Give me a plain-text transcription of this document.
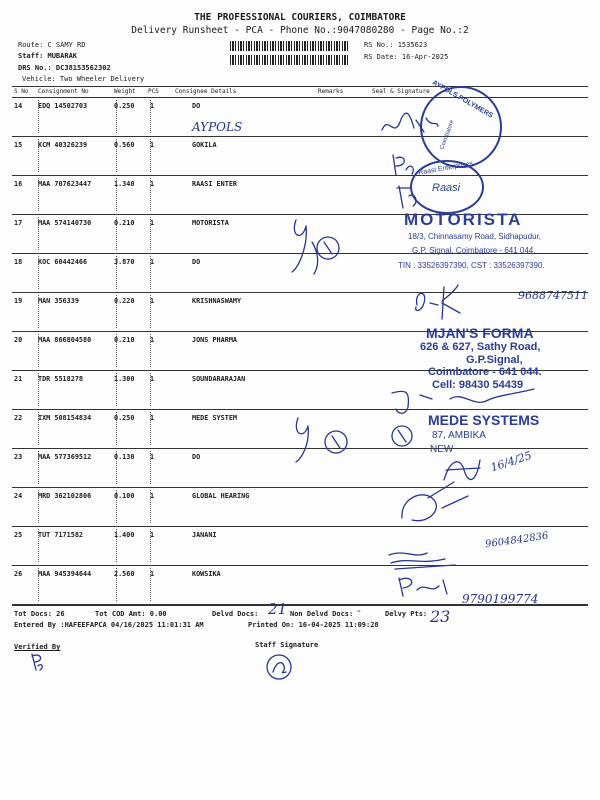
THE PROFESSIONAL COURIERS, COIMBATORE
Delivery Runsheet - PCA - Phone No.:9047080280 - Page No.:2
Route: C SAMY RD
Staff: MUBARAK
DRS No.: DC38153562302
Vehicle: Two Wheeler Delivery
RS No.: 1535623
RS Date: 16-Apr-2025
S No Consignment No	Weight PCS	Consignee Details	Remarks	Seal & Signature
14 EDQ 14502703	0.250 1	DO
15 KCM 40326239	0.560 1	GOKILA
16 MAA 707623447	1.340 1	RAASI ENTER
17 MAA 574140730	0.210 1	MOTORISTA
18 KOC 60442466	3.870 1	DO
19 MAN 356339	0.220 1	KRISHNASWAMY
20 MAA 866804580	0.210 1	JONS PHARMA
21 TDR 5518278	1.300 1	SOUNDARARAJAN
22 IXM 508154834	0.250 1	MEDE SYSTEM
23 MAA 577369512	0.130 1	DO
24 MRD 362102806	0.100 1	GLOBAL HEARING
25 TUT 7171582	1.400 1	JANANI
26 MAA 945394644	2.560 1	KOWSIKA
Tot Docs: 26	Tot COD Amt: 0.00	Delvd Docs:	Non Delvd Docs:	Delvy Pts:
Entered By :HAFEEFAPCA 04/16/2025 11:01:31 AM	Printed On: 16-04-2025 11:09:28
Verified By	Staff Signature
21	-	23
AYPOLS
9688747511
9790199774
9604842836
16/4/25
AYPOLS POLYMERS
Coimbatore
Raasi Enterprises
Raasi
MOTORISTA
18/3, Chinnasamy Road, Sidhapudur,
G.P. Signal, Coimbatore - 641 044.
TIN : 33526397390, CST : 33526397390.
MJAN'S FORMA
626 & 627, Sathy Road,
G.P.Signal,
Coimbatore - 641 044.
Cell: 98430 54439
MEDE SYSTEMS
87, AMBIKA
NEW
